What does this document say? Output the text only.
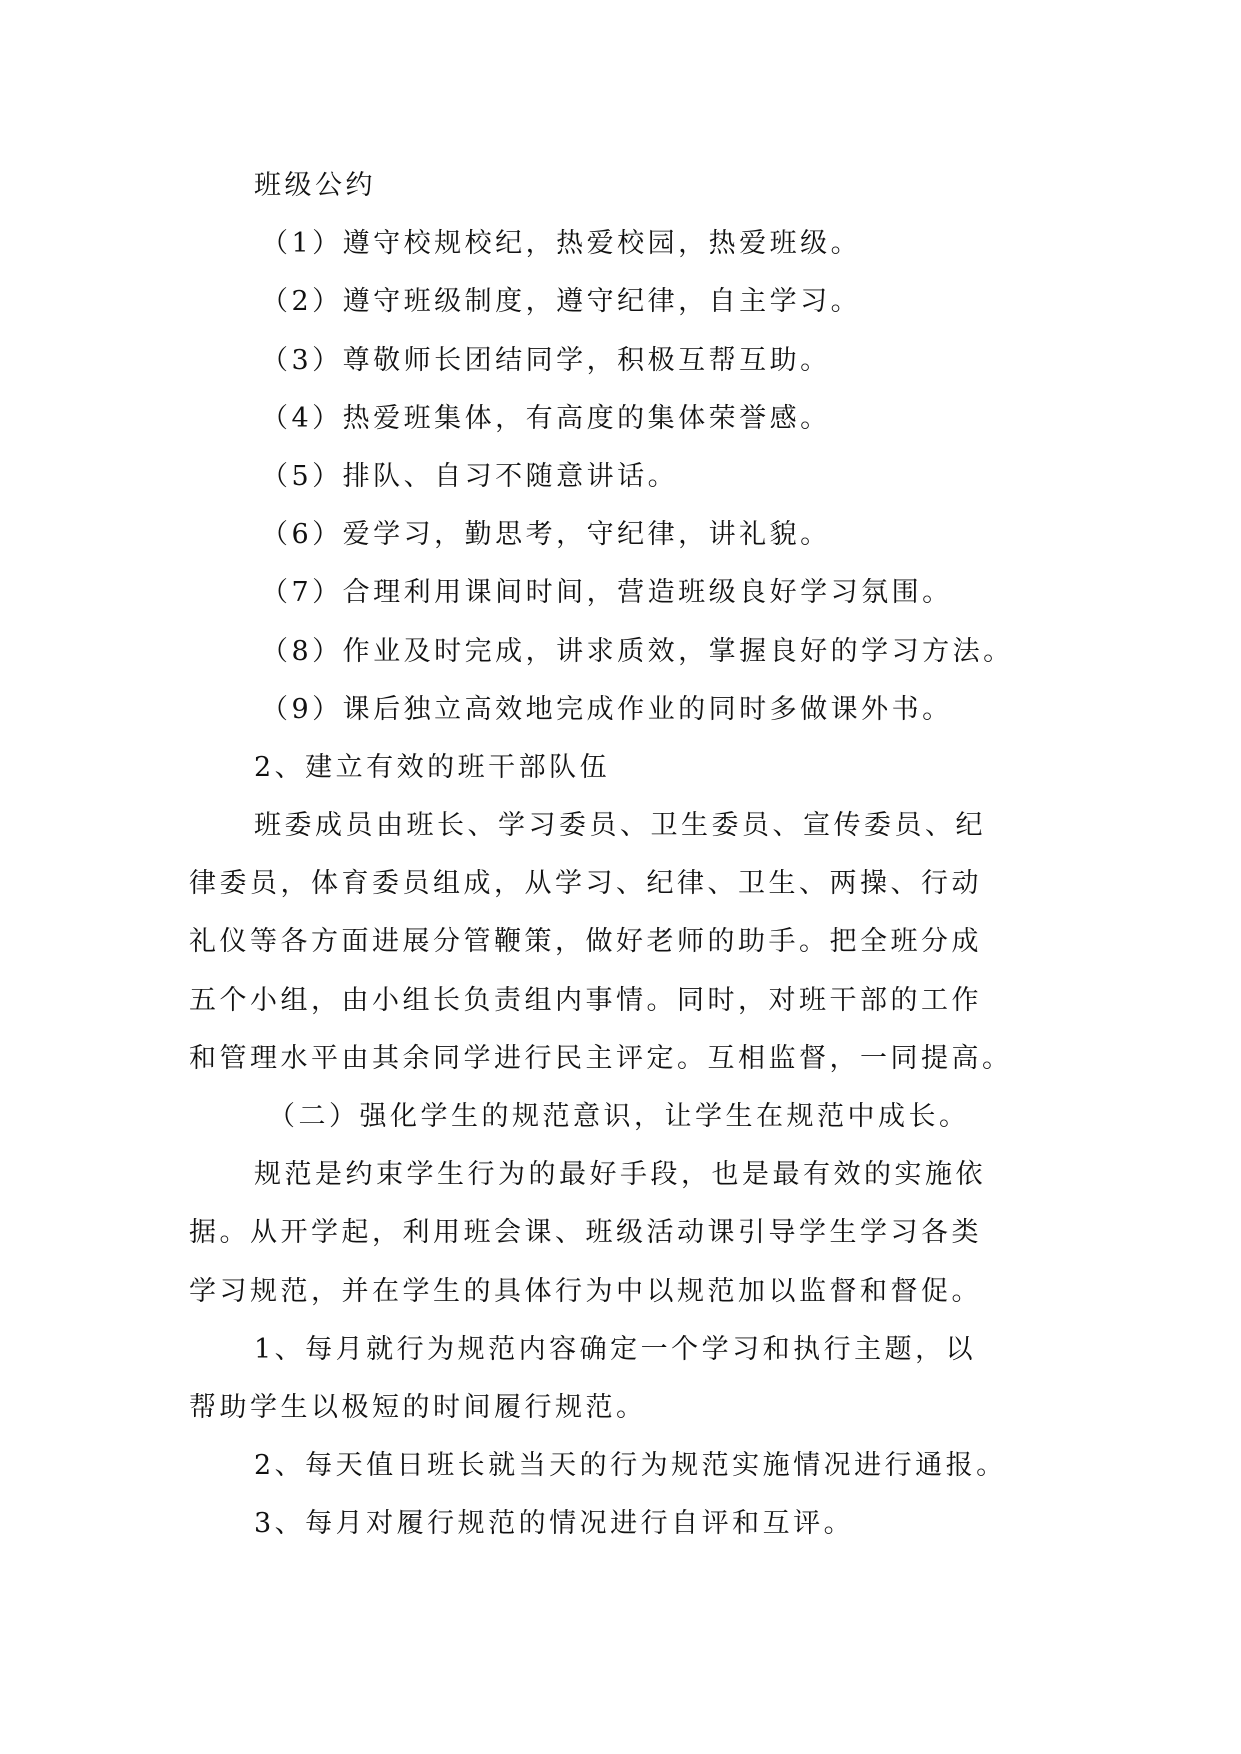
班级公约

（1）遵守校规校纪，热爱校园，热爱班级。

（2）遵守班级制度，遵守纪律，自主学习。

（3）尊敬师长团结同学，积极互帮互助。

（4）热爱班集体，有高度的集体荣誉感。

（5）排队、自习不随意讲话。

（6）爱学习，勤思考，守纪律，讲礼貌。

（7）合理利用课间时间，营造班级良好学习氛围。

（8）作业及时完成，讲求质效，掌握良好的学习方法。

（9）课后独立高效地完成作业的同时多做课外书。

2、建立有效的班干部队伍

班委成员由班长、学习委员、卫生委员、宣传委员、纪

律委员，体育委员组成，从学习、纪律、卫生、两操、行动

礼仪等各方面进展分管鞭策，做好老师的助手。把全班分成

五个小组，由小组长负责组内事情。同时，对班干部的工作

和管理水平由其余同学进行民主评定。互相监督，一同提高。

（二）强化学生的规范意识，让学生在规范中成长。

规范是约束学生行为的最好手段，也是最有效的实施依

据。从开学起，利用班会课、班级活动课引导学生学习各类

学习规范，并在学生的具体行为中以规范加以监督和督促。

1、每月就行为规范内容确定一个学习和执行主题，以

帮助学生以极短的时间履行规范。

2、每天值日班长就当天的行为规范实施情况进行通报。

3、每月对履行规范的情况进行自评和互评。
